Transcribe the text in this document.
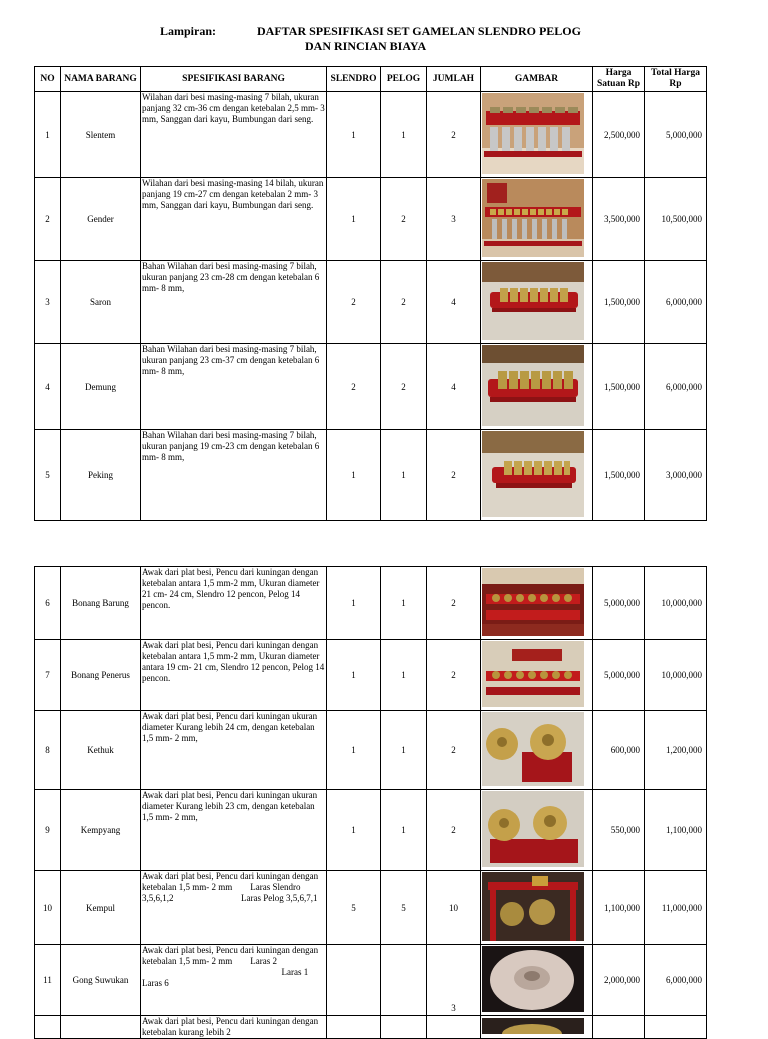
Lampiran:	DAFTAR SPESIFIKASI SET GAMELAN SLENDRO PELOG
DAN RINCIAN BIAYA
NO	NAMA BARANG	SPESIFIKASI BARANG	SLENDRO	PELOG	JUMLAH	GAMBAR	Harga Satuan Rp	Total Harga Rp
1	Slentem	Wilahan dari besi masing-masing 7 bilah, ukuran panjang 32 cm-36 cm dengan ketebalan 2,5 mm- 3 mm, Sanggan dari kayu, Bumbungan dari seng.	1	1	2		2,500,000	5,000,000
2	Gender	Wilahan dari besi masing-masing 14 bilah, ukuran panjang 19 cm-27 cm dengan ketebalan 2 mm- 3 mm, Sanggan dari kayu, Bumbungan dari seng.	1	2	3		3,500,000	10,500,000
3	Saron	Bahan Wilahan dari besi masing-masing 7 bilah, ukuran panjang 23 cm-28 cm dengan ketebalan 6 mm- 8 mm,	2	2	4		1,500,000	6,000,000
4	Demung	Bahan Wilahan dari besi masing-masing 7 bilah, ukuran panjang 23 cm-37 cm dengan ketebalan 6 mm- 8 mm,	2	2	4		1,500,000	6,000,000
5	Peking	Bahan Wilahan dari besi masing-masing 7 bilah, ukuran panjang 19 cm-23 cm dengan ketebalan 6 mm- 8 mm,	1	1	2		1,500,000	3,000,000
6	Bonang Barung	Awak dari plat besi, Pencu dari kuningan dengan ketebalan antara 1,5 mm-2 mm, Ukuran diameter 21 cm- 24 cm, Slendro 12 pencon, Pelog 14 pencon.	1	1	2		5,000,000	10,000,000
7	Bonang Penerus	Awak dari plat besi, Pencu dari kuningan dengan ketebalan antara 1,5 mm-2 mm, Ukuran diameter antara 19 cm- 21 cm, Slendro 12 pencon, Pelog 14 pencon.	1	1	2		5,000,000	10,000,000
8	Kethuk	Awak dari plat besi, Pencu dari kuningan ukuran diameter Kurang lebih 24 cm, dengan ketebalan 1,5 mm- 2 mm,	1	1	2		600,000	1,200,000
9	Kempyang	Awak dari plat besi, Pencu dari kuningan ukuran diameter Kurang lebih 23 cm, dengan ketebalan 1,5 mm- 2 mm,	1	1	2		550,000	1,100,000
10	Kempul	Awak dari plat besi, Pencu dari kuningan dengan ketebalan 1,5 mm- 2 mm        Laras Slendro 3,5,6,1,2                              Laras Pelog 3,5,6,7,1	5	5	10		1,100,000	11,000,000
11	Gong Suwukan	Awak dari plat besi, Pencu dari kuningan dengan ketebalan 1,5 mm- 2 mm        Laras 2
Laras 1
Laras 6			3		2,000,000	6,000,000
		Awak dari plat besi, Pencu dari kuningan dengan ketebalan kurang lebih 2						
